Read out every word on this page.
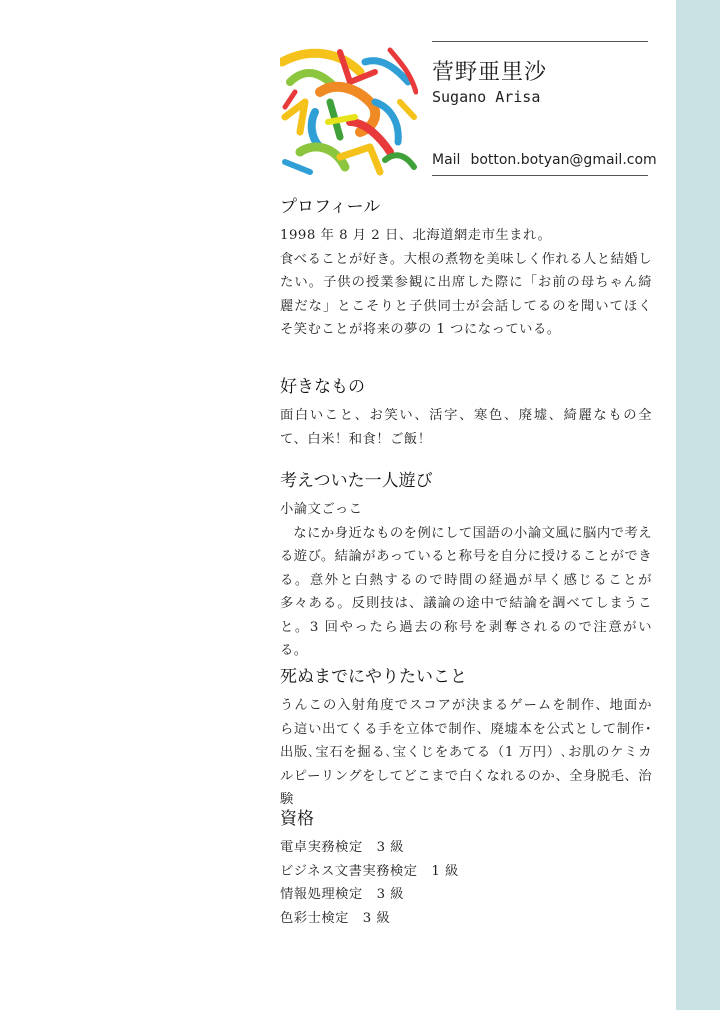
菅野亜里沙
Sugano Arisa
Mail botton.botyan@gmail.com
プロフィール

1998 年 8 月 2 日、北海道網走市生まれ。

食べることが好き。大根の煮物を美味しく作れる人と結婚したい。子供の授業参観に出席した際に「お前の母ちゃん綺麗だな」とこそりと子供同士が会話してるのを聞いてほくそ笑むことが将来の夢の 1 つになっている。

好きなもの

面白いこと、お笑い、活字、寒色、廃墟、綺麗なもの全て、白米！和食！ご飯！

考えついた一人遊び

小論文ごっこ

なにか身近なものを例にして国語の小論文風に脳内で考える遊び。結論があっていると称号を自分に授けることができる。意外と白熱するので時間の経過が早く感じることが多々ある。反則技は、議論の途中で結論を調べてしまうこと。3 回やったら過去の称号を剥奪されるので注意がいる。

死ぬまでにやりたいこと

うんこの入射角度でスコアが決まるゲームを制作、地面から這い出てくる手を立体で制作、廃墟本を公式として制作･出版､宝石を掘る､宝くじをあてる（1 万円）､お肌のケミカルピーリングをしてどこまで白くなれるのか、全身脱毛、治験

資格
電卓実務検定　3 級
ビジネス文書実務検定　1 級
情報処理検定　3 級
色彩士検定　3 級
